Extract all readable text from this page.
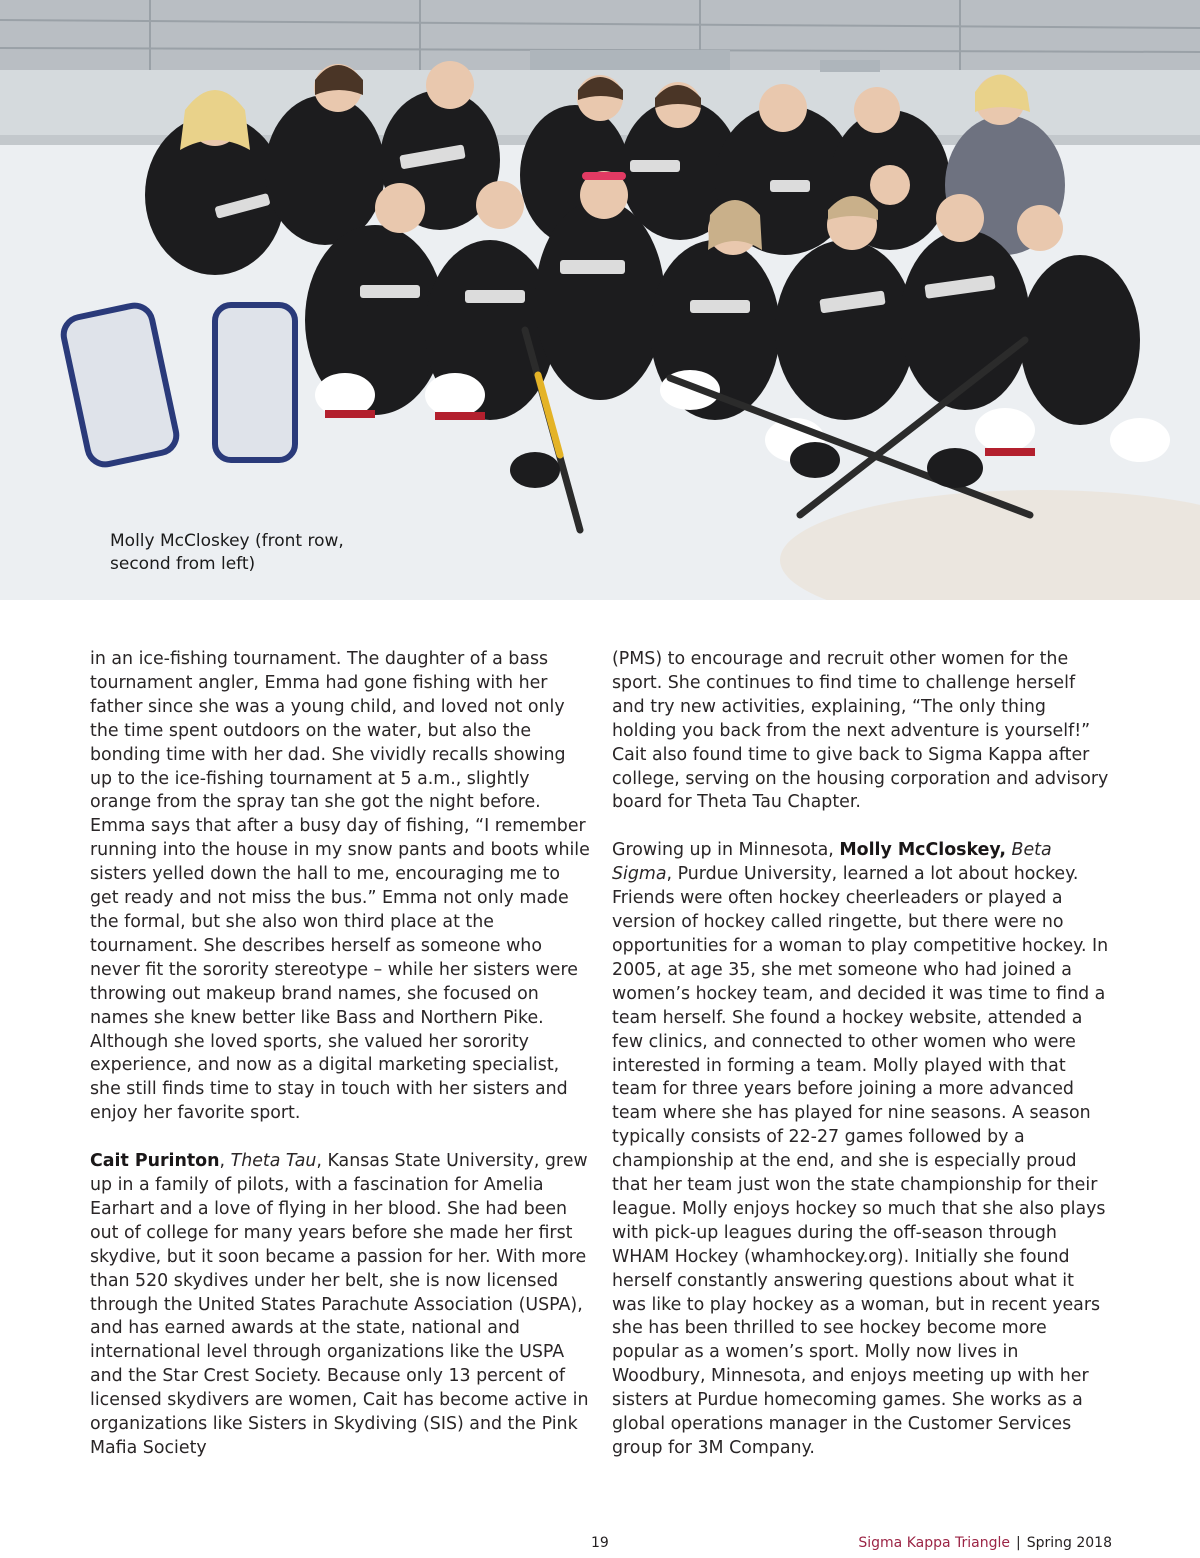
Molly McCloskey (front row, second from left)

in an ice-fishing tournament. The daughter of a bass tournament angler, Emma had gone fishing with her father since she was a young child, and loved not only the time spent outdoors on the water, but also the bonding time with her dad. She vividly recalls showing up to the ice-fishing tournament at 5 a.m., slightly orange from the spray tan she got the night before. Emma says that after a busy day of fishing, “I remember running into the house in my snow pants and boots while sisters yelled down the hall to me, encouraging me to get ready and not miss the bus.” Emma not only made the formal, but she also won third place at the tournament. She describes herself as someone who never fit the sorority stereotype – while her sisters were throwing out makeup brand names, she focused on names she knew better like Bass and Northern Pike. Although she loved sports, she valued her sorority experience, and now as a digital marketing specialist, she still finds time to stay in touch with her sisters and enjoy her favorite sport.

Cait Purinton, Theta Tau, Kansas State University, grew up in a family of pilots, with a fascination for Amelia Earhart and a love of flying in her blood. She had been out of college for many years before she made her first skydive, but it soon became a passion for her. With more than 520 skydives under her belt, she is now licensed through the United States Parachute Association (USPA), and has earned awards at the state, national and international level through organizations like the USPA and the Star Crest Society. Because only 13 percent of licensed skydivers are women, Cait has become active in organizations like Sisters in Skydiving (SIS) and the Pink Mafia Society

(PMS) to encourage and recruit other women for the sport. She continues to find time to challenge herself and try new activities, explaining, “The only thing holding you back from the next adventure is yourself!” Cait also found time to give back to Sigma Kappa after college, serving on the housing corporation and advisory board for Theta Tau Chapter.

Growing up in Minnesota, Molly McCloskey, Beta Sigma, Purdue University, learned a lot about hockey. Friends were often hockey cheerleaders or played a version of hockey called ringette, but there were no opportunities for a woman to play competitive hockey. In 2005, at age 35, she met someone who had joined a women’s hockey team, and decided it was time to find a team herself. She found a hockey website, attended a few clinics, and connected to other women who were interested in forming a team. Molly played with that team for three years before joining a more advanced team where she has played for nine seasons. A season typically consists of 22-27 games followed by a championship at the end, and she is especially proud that her team just won the state championship for their league. Molly enjoys hockey so much that she also plays with pick-up leagues during the off-season through WHAM Hockey (whamhockey.org). Initially she found herself constantly answering questions about what it was like to play hockey as a woman, but in recent years she has been thrilled to see hockey become more popular as a women’s sport. Molly now lives in Woodbury, Minnesota, and enjoys meeting up with her sisters at Purdue homecoming games. She works as a global operations manager in the Customer Services group for 3M Company.

19	Sigma Kappa Triangle | Spring 2018
